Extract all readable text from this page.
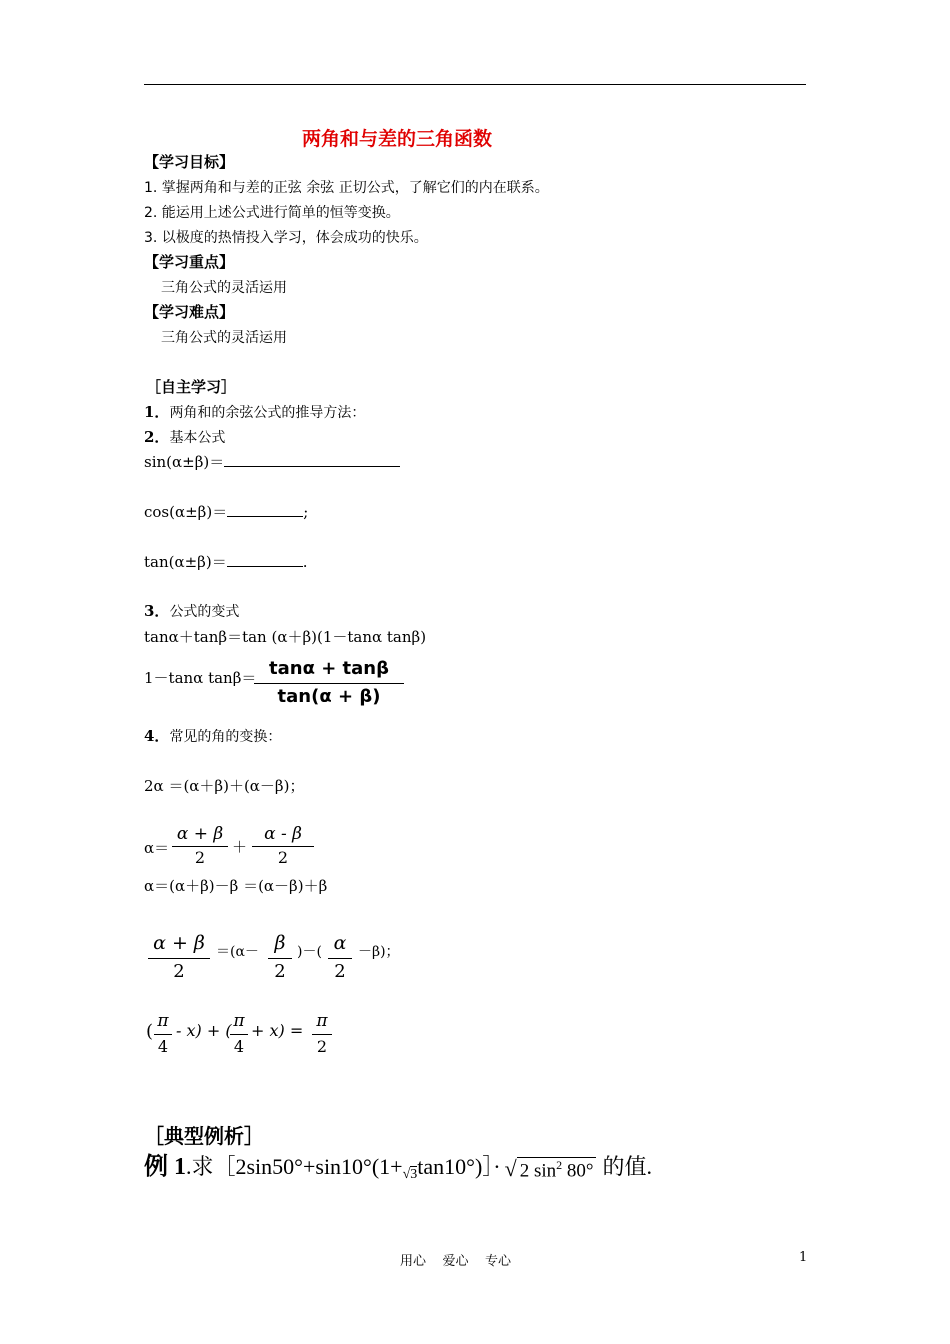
两角和与差的三角函数
【学习目标】
1. 掌握两角和与差的正弦 余弦 正切公式，了解它们的内在联系。
2. 能运用上述公式进行简单的恒等变换。
3. 以极度的热情投入学习，体会成功的快乐。
【学习重点】
三角公式的灵活运用
【学习难点】
三角公式的灵活运用
［自主学习］
1．两角和的余弦公式的推导方法：
2．基本公式
sin(α±β)＝
cos(α±β)＝	;
tan(α±β)＝	.
3．公式的变式
tanα＋tanβ＝tan (α＋β)(1－tanα tanβ)
1－tanα tanβ＝ tanα + tanβ
tan(α + β)
4．常见的角的变换：
2α ＝(α＋β)＋(α－β)；
α＝
α + β
2
＋
α - β
2
α＝(α＋β)－β ＝(α－β)＋β
α + β
2
＝(α－ β
2
)－( α
2
－β)；
( π
4
- x) + ( π
4
+ x) = π
2
［典型例析］
例 1.求［2sin50°+sin10°(1+√3tan10°)］· √ 2 $\sin^2 80^\circ$ 的值.
用心    爱心    专心	1
